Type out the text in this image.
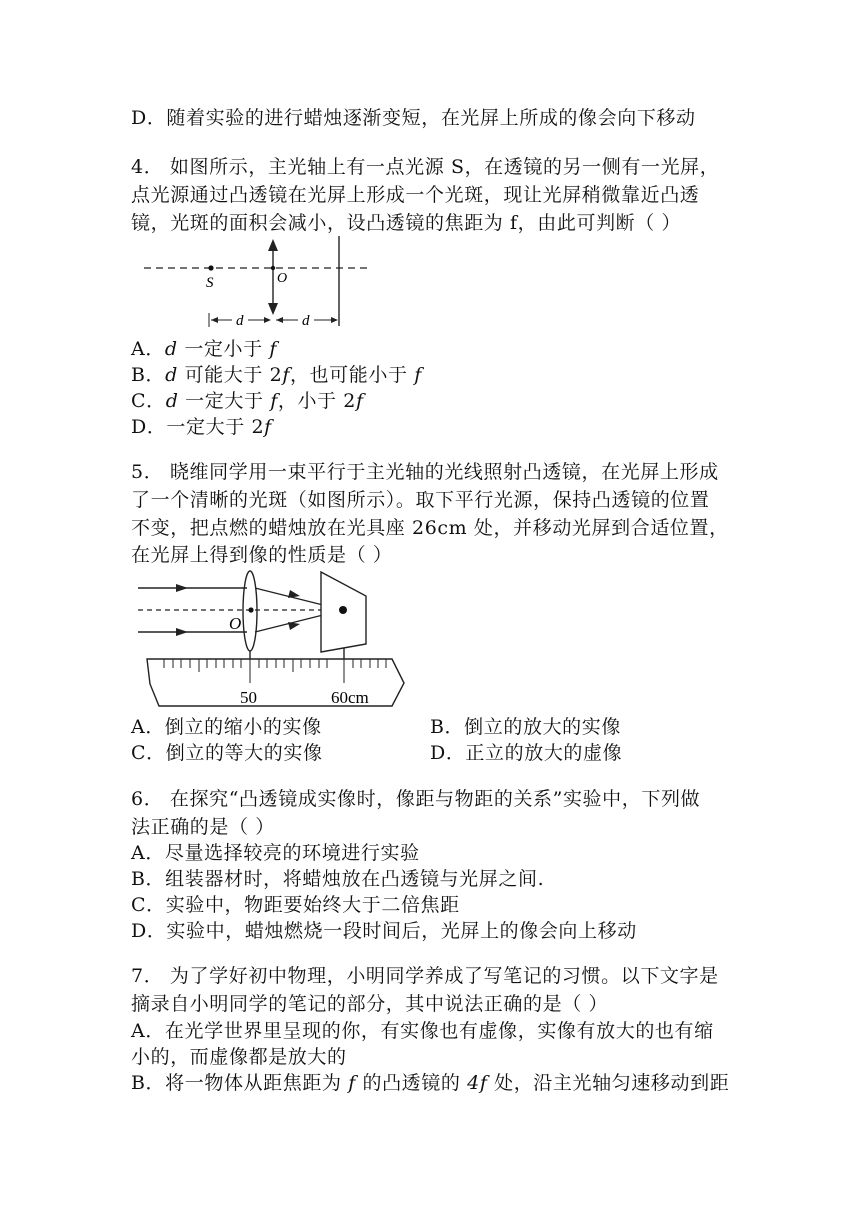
D．随着实验的进行蜡烛逐渐变短，在光屏上所成的像会向下移动
4． 如图所示，主光轴上有一点光源 S，在透镜的另一侧有一光屏，
点光源通过凸透镜在光屏上形成一个光斑，现让光屏稍微靠近凸透
镜，光斑的面积会减小，设凸透镜的焦距为 f，由此可判断（ ）
S	O
d	d
A．d 一定小于 f
B．d 可能大于 2f，也可能小于 f
C．d 一定大于 f，小于 2f
D．一定大于 2f
5． 晓维同学用一束平行于主光轴的光线照射凸透镜，在光屏上形成
了一个清晰的光斑（如图所示）。取下平行光源，保持凸透镜的位置
不变，把点燃的蜡烛放在光具座 26cm 处，并移动光屏到合适位置，
在光屏上得到像的性质是（ ）
O
50	60cm
A．倒立的缩小的实像	B．倒立的放大的实像
C．倒立的等大的实像	D．正立的放大的虚像
6． 在探究“凸透镜成实像时，像距与物距的关系”实验中，下列做
法正确的是（ ）
A．尽量选择较亮的环境进行实验
B．组装器材时，将蜡烛放在凸透镜与光屏之间.
C．实验中，物距要始终大于二倍焦距
D．实验中，蜡烛燃烧一段时间后，光屏上的像会向上移动
7． 为了学好初中物理，小明同学养成了写笔记的习惯。以下文字是
摘录自小明同学的笔记的部分，其中说法正确的是（ ）
A．在光学世界里呈现的你，有实像也有虚像，实像有放大的也有缩
小的，而虚像都是放大的
B．将一物体从距焦距为 f 的凸透镜的 4f 处，沿主光轴匀速移动到距
